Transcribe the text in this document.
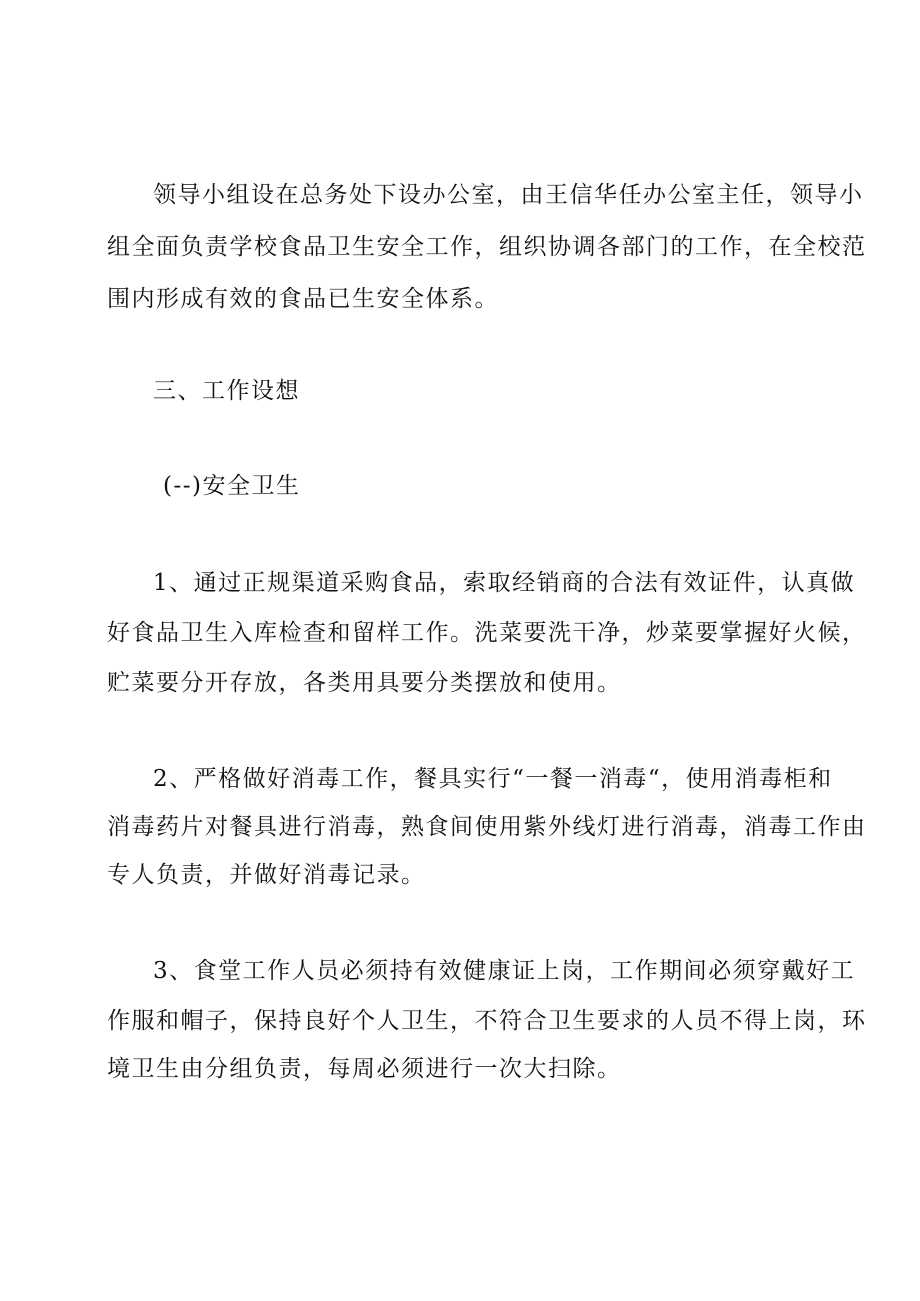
领导小组设在总务处下设办公室，由王信华任办公室主任，领导小
组全面负责学校食品卫生安全工作，组织协调各部门的工作，在全校范
围内形成有效的食品已生安全体系。
三、工作设想
(--)安全卫生
1、通过正规渠道采购食品，索取经销商的合法有效证件，认真做
好食品卫生入库检查和留样工作。洗菜要洗干净，炒菜要掌握好火候，
贮菜要分开存放，各类用具要分类摆放和使用。
2、严格做好消毒工作，餐具实行“一餐一消毒“，使用消毒柜和
消毒药片对餐具进行消毒，熟食间使用紫外线灯进行消毒，消毒工作由
专人负责，并做好消毒记录。
3、食堂工作人员必须持有效健康证上岗，工作期间必须穿戴好工
作服和帽子，保持良好个人卫生，不符合卫生要求的人员不得上岗，环
境卫生由分组负责，每周必须进行一次大扫除。
